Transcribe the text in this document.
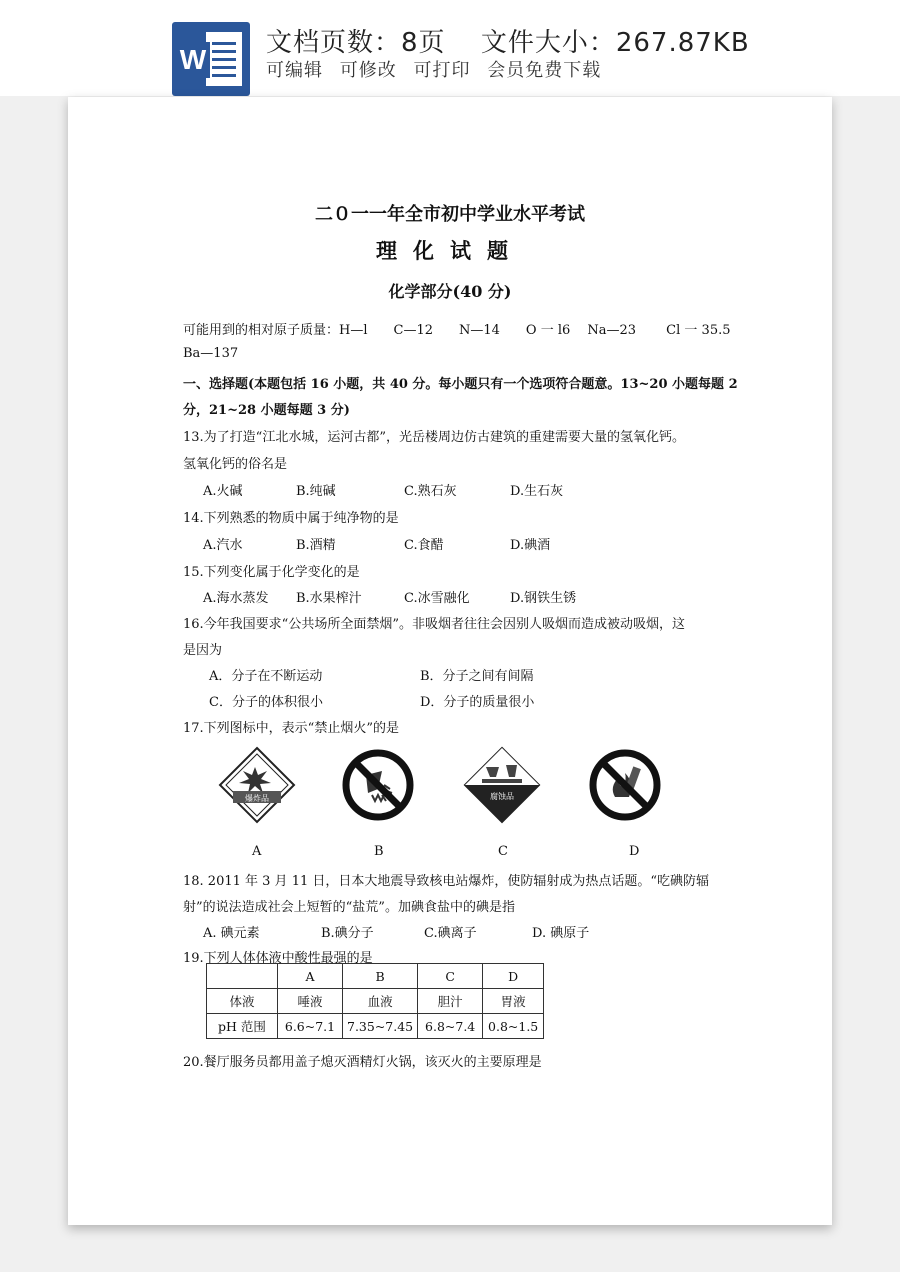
W
文档页数：8页 文件大小：267.87KB
可编辑 可修改 可打印 会员免费下载
二０一一年全市初中学业水平考试
理化试题
化学部分(40 分)
可能用到的相对原子质量：H—l　　C—12　　N—14　　O 一 l6　 Na—23　　 Cl 一 35.5
Ba—137
一、选择题(本题包括 16 小题，共 40 分。每小题只有一个选项符合题意。13~20 小题每题 2
分，21~28 小题每题 3 分)
13.为了打造“江北水城，运河古都”，光岳楼周边仿古建筑的重建需要大量的氢氧化钙。
氢氧化钙的俗名是
A.火碱	B.纯碱	C.熟石灰	D.生石灰
14.下列熟悉的物质中属于纯净物的是
A.汽水	B.酒精	C.食醋	D.碘酒
15.下列变化属于化学变化的是
A.海水蒸发 B.水果榨汁	C.冰雪融化	D.钢铁生锈
16.今年我国要求“公共场所全面禁烟”。非吸烟者往往会因别人吸烟而造成被动吸烟，这
是因为
A．分子在不断运动	B．分子之间有间隔
C．分子的体积很小	D．分子的质量很小
17.下列图标中，表示“禁止烟火”的是
爆炸品	腐蚀品
A	B	C	D
18. 2011 年 3 月 11 日，日本大地震导致核电站爆炸，使防辐射成为热点话题。“吃碘防辐
射”的说法造成社会上短暂的“盐荒”。加碘食盐中的碘是指
A. 碘元素	B.碘分子	C.碘离子	D. 碘原子
19.下列人体体液中酸性最强的是
	A	B	C	D
体液	唾液	血液	胆汁	胃液
pH 范围	6.6~7.1	7.35~7.45	6.8~7.4	0.8~1.5
20.餐厅服务员都用盖子熄灭酒精灯火锅，该灭火的主要原理是
